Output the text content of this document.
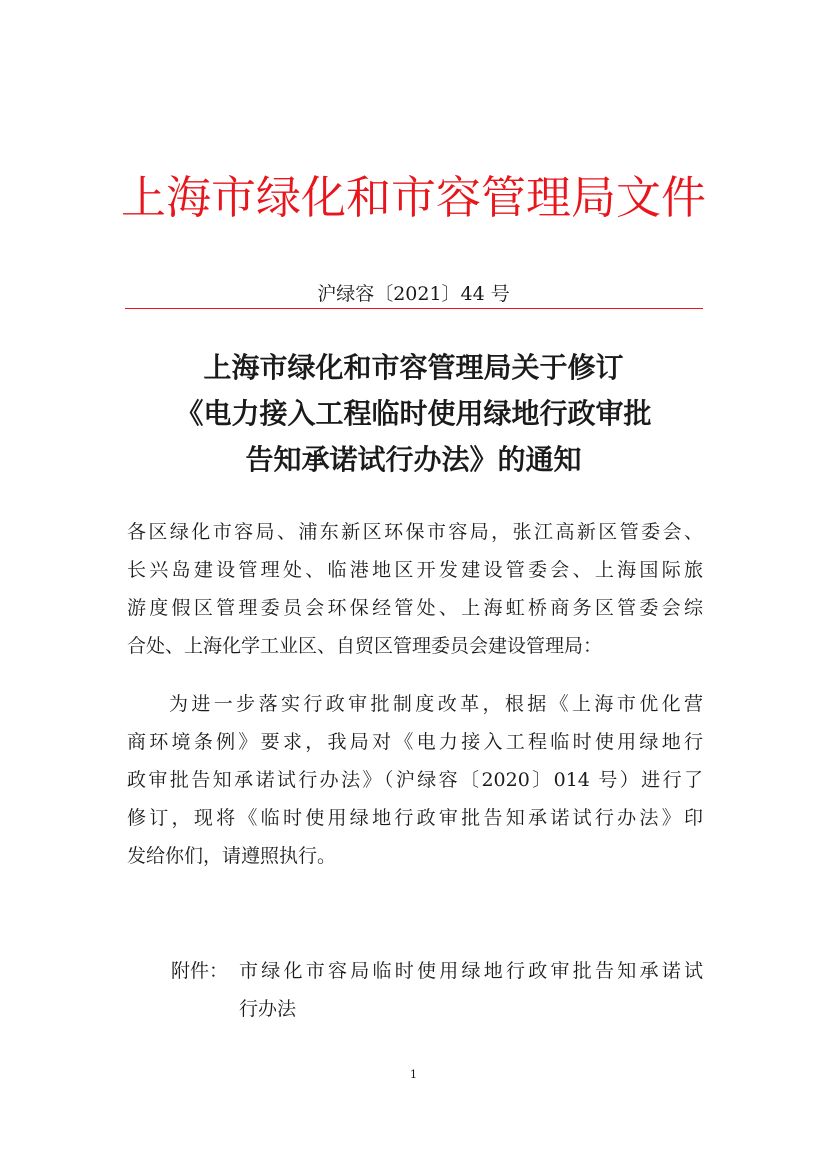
上海市绿化和市容管理局文件
沪绿容〔2021〕44 号
上海市绿化和市容管理局关于修订
《电力接入工程临时使用绿地行政审批
告知承诺试行办法》的通知
各区绿化市容局、浦东新区环保市容局，张江高新区管委会、
长兴岛建设管理处、临港地区开发建设管委会、上海国际旅
游度假区管理委员会环保经管处、上海虹桥商务区管委会综
合处、上海化学工业区、自贸区管理委员会建设管理局：
为进一步落实行政审批制度改革，根据《上海市优化营
商环境条例》要求，我局对《电力接入工程临时使用绿地行
政审批告知承诺试行办法》（沪绿容〔2020〕014 号）进行了
修订，现将《临时使用绿地行政审批告知承诺试行办法》印
发给你们，请遵照执行。
附件： 市绿化市容局临时使用绿地行政审批告知承诺试
行办法
1
